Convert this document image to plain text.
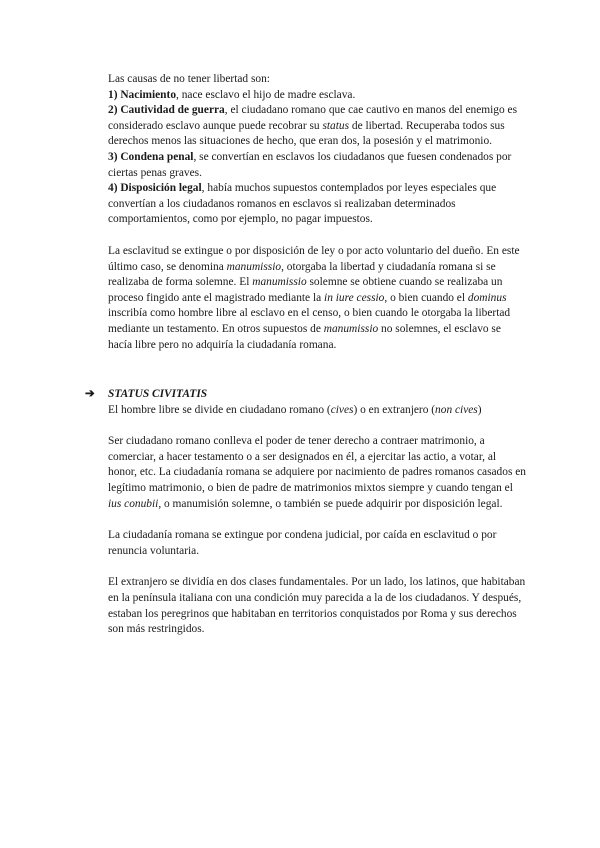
Las causas de no tener libertad son:

1) Nacimiento, nace esclavo el hijo de madre esclava.

2) Cautividad de guerra, el ciudadano romano que cae cautivo en manos del enemigo es considerado esclavo aunque puede recobrar su status de libertad. Recuperaba todos sus derechos menos las situaciones de hecho, que eran dos, la posesión y el matrimonio.

3) Condena penal, se convertían en esclavos los ciudadanos que fuesen condenados por ciertas penas graves.

4) Disposición legal, había muchos supuestos contemplados por leyes especiales que convertían a los ciudadanos romanos en esclavos si realizaban determinados comportamientos, como por ejemplo, no pagar impuestos.

La esclavitud se extingue o por disposición de ley o por acto voluntario del dueño. En este último caso, se denomina manumissio, otorgaba la libertad y ciudadanía romana si se realizaba de forma solemne. El manumissio solemne se obtiene cuando se realizaba un proceso fingido ante el magistrado mediante la in iure cessio, o bien cuando el dominus inscribía como hombre libre al esclavo en el censo, o bien cuando le otorgaba la libertad mediante un testamento. En otros supuestos de manumissio no solemnes, el esclavo se hacía libre pero no adquiría la ciudadanía romana.

➔ STATUS CIVITATIS

El hombre libre se divide en ciudadano romano (cives) o en extranjero (non cives)

Ser ciudadano romano conlleva el poder de tener derecho a contraer matrimonio, a comerciar, a hacer testamento o a ser designados en él, a ejercitar las actio, a votar, al honor, etc. La ciudadanía romana se adquiere por nacimiento de padres romanos casados en legítimo matrimonio, o bien de padre de matrimonios mixtos siempre y cuando tengan el ius conubii, o manumisión solemne, o también se puede adquirir por disposición legal.

La ciudadanía romana se extingue por condena judicial, por caída en esclavitud o por renuncia voluntaria.

El extranjero se dividía en dos clases fundamentales. Por un lado, los latinos, que habitaban en la península italiana con una condición muy parecida a la de los ciudadanos. Y después, estaban los peregrinos que habitaban en territorios conquistados por Roma y sus derechos son más restringidos.
